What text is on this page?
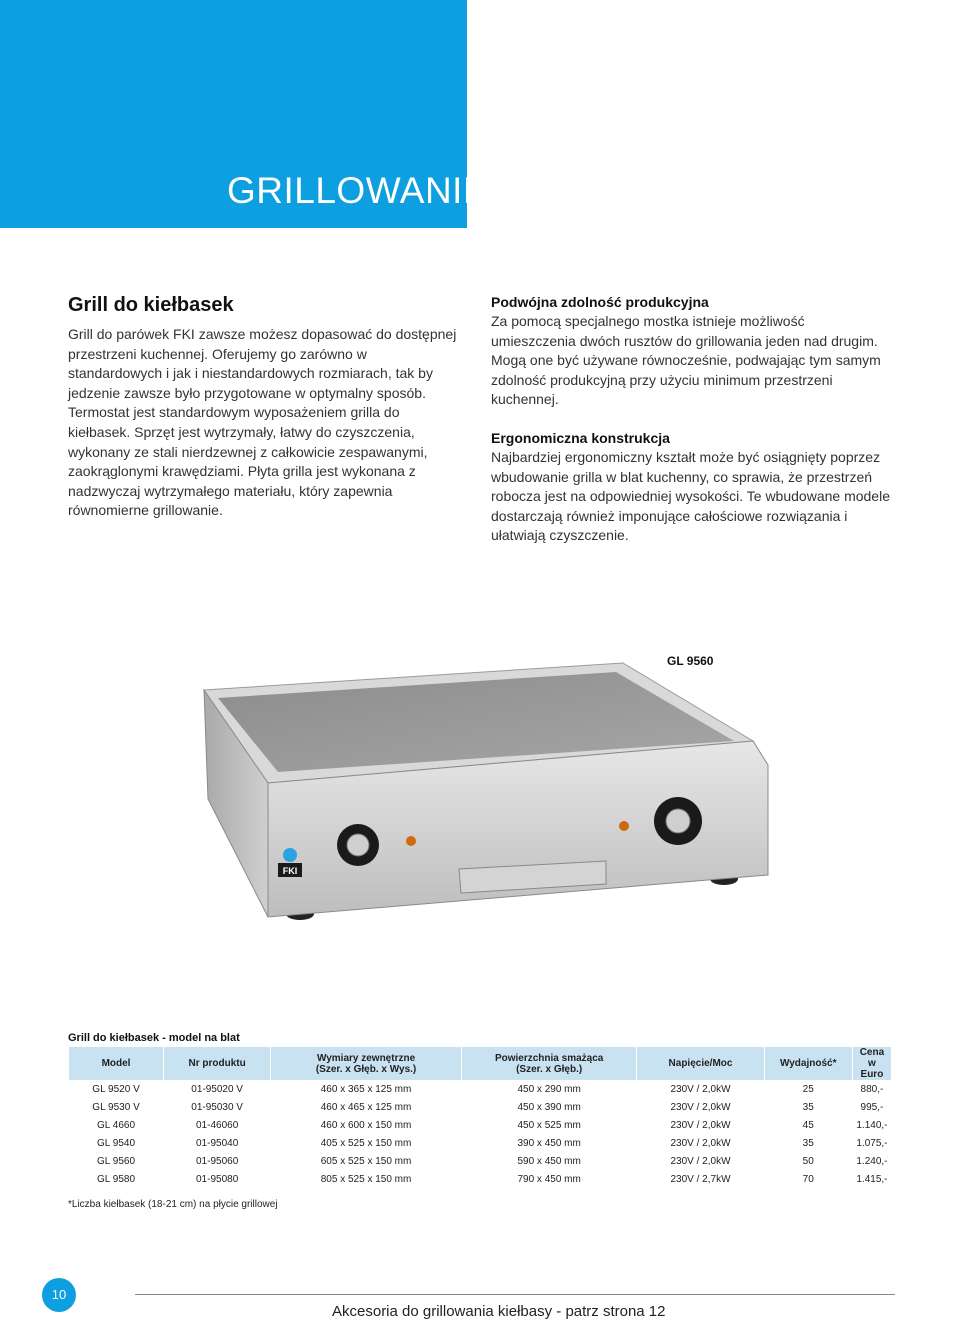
GRILLOWANIE
Grill do kiełbasek

Grill do parówek FKI zawsze możesz dopasować do dostępnej przestrzeni kuchennej. Oferujemy go zarówno w standardowych i jak i niestandardowych rozmiarach, tak by jedzenie zawsze było przygotowane w optymalny sposób. Termostat jest standardowym wyposażeniem grilla do kiełbasek. Sprzęt jest wytrzymały, łatwy do czyszczenia, wykonany ze stali nierdzewnej z całkowicie zespawanymi, zaokrąglonymi krawędziami. Płyta grilla jest wykonana z nadzwyczaj wytrzymałego materiału, który zapewnia równomierne grillowanie.

Podwójna zdolność produkcyjna

Za pomocą specjalnego mostka istnieje możliwość umieszczenia dwóch rusztów do grillowania jeden nad drugim. Mogą one być używane równocześnie, podwajając tym samym zdolność produkcyjną przy użyciu minimum przestrzeni kuchennej.

Ergonomiczna konstrukcja

Najbardziej ergonomiczny kształt może być osiągnięty poprzez wbudowanie grilla w blat kuchenny, co sprawia, że przestrzeń robocza jest na odpowiedniej wysokości. Te wbudowane modele dostarczają również imponujące całościowe rozwiązania i ułatwiają czyszczenie.

GL 9560
FKI
Grill do kiełbasek - model na blat
Model	Nr produktu	Wymiary zewnętrzne
(Szer. x Głęb. x Wys.)	Powierzchnia smażąca
(Szer. x Głęb.)	Napięcie/Moc	Wydajność*	Cena w Euro
GL 9520 V	01-95020 V	460 x 365 x 125 mm	450 x 290 mm	230V / 2,0kW	25	880,-
GL 9530 V	01-95030 V	460 x 465 x 125 mm	450 x 390 mm	230V / 2,0kW	35	995,-
GL 4660	01-46060	460 x 600 x 150 mm	450 x 525 mm	230V / 2,0kW	45	1.140,-
GL 9540	01-95040	405 x 525 x 150 mm	390 x 450 mm	230V / 2,0kW	35	1.075,-
GL 9560	01-95060	605 x 525 x 150 mm	590 x 450 mm	230V / 2,0kW	50	1.240,-
GL 9580	01-95080	805 x 525 x 150 mm	790 x 450 mm	230V / 2,7kW	70	1.415,-
*Liczba kiełbasek (18-21 cm) na płycie grillowej
10
Akcesoria do grillowania kiełbasy - patrz strona 12
